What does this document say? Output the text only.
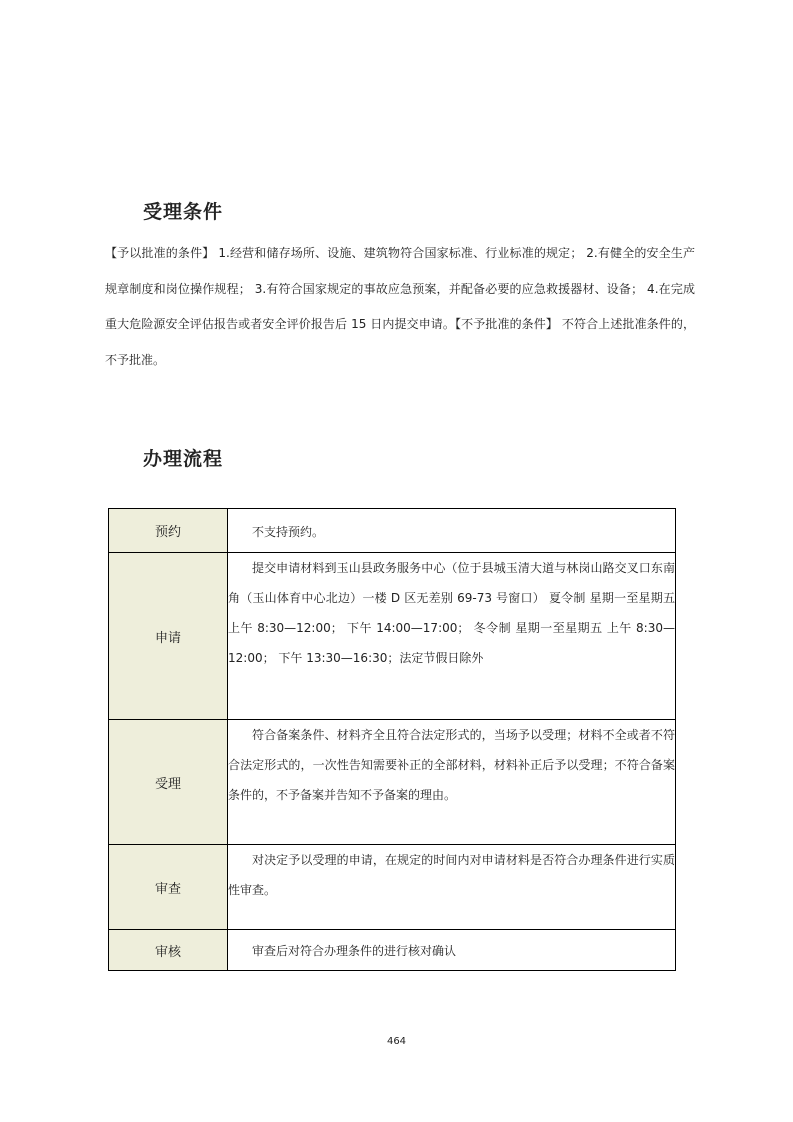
受理条件

【予以批准的条件】 1.经营和储存场所、设施、建筑物符合国家标准、行业标准的规定； 2.有健全的安全生产规章制度和岗位操作规程； 3.有符合国家规定的事故应急预案，并配备必要的应急救援器材、设备； 4.在完成重大危险源安全评估报告或者安全评价报告后 15 日内提交申请。【不予批准的条件】 不符合上述批准条件的，不予批准。

办理流程
预约	不支持预约。

申请	提交申请材料到玉山县政务服务中心（位于县城玉清大道与林岗山路交叉口东南角（玉山体育中心北边）一楼 D 区无差别 69-73 号窗口） 夏令制 星期一至星期五 上午 8:30—12:00； 下午 14:00—17:00； 冬令制 星期一至星期五 上午 8:30—12:00； 下午 13:30—16:30；法定节假日除外

受理	符合备案条件、材料齐全且符合法定形式的，当场予以受理；材料不全或者不符合法定形式的，一次性告知需要补正的全部材料，材料补正后予以受理；不符合备案条件的，不予备案并告知不予备案的理由。

审查	对决定予以受理的申请，在规定的时间内对申请材料是否符合办理条件进行实质性审查。

审核	审查后对符合办理条件的进行核对确认
464
